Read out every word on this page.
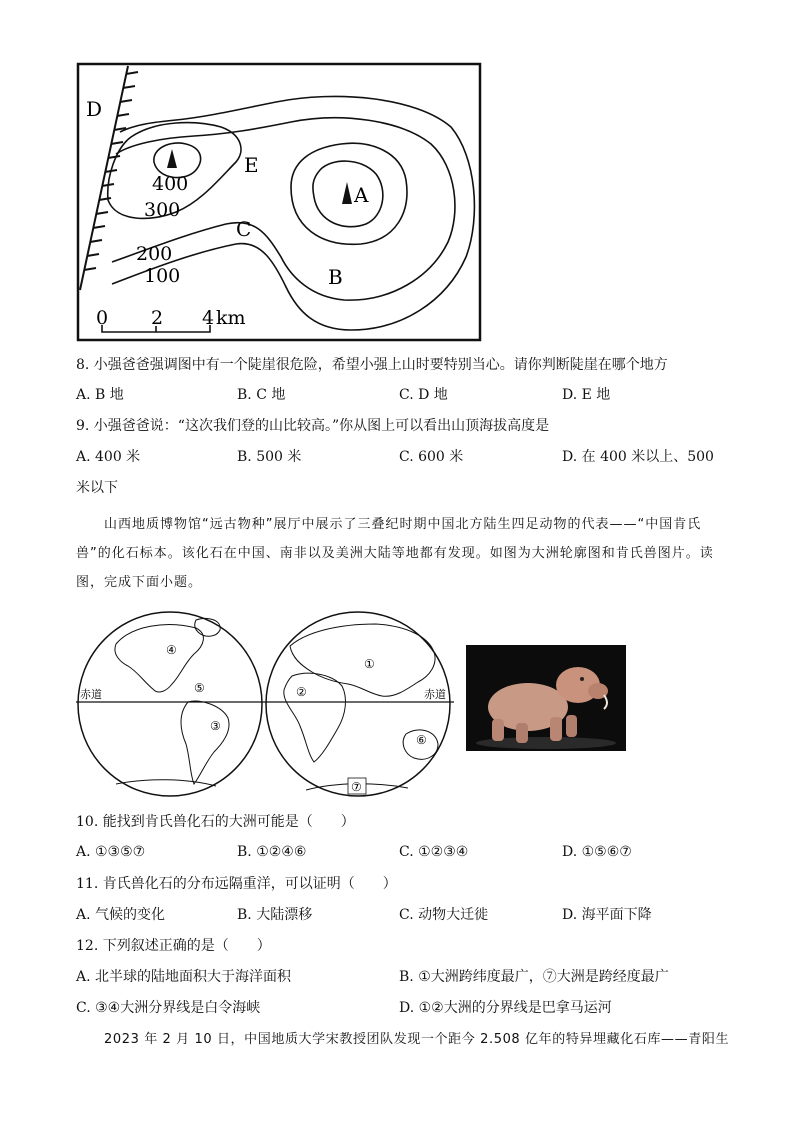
D
E
A
C
B
400
300
200
100
0 2 4 km
8. 小强爸爸强调图中有一个陡崖很危险，希望小强上山时要特别当心。请你判断陡崖在哪个地方
A. B 地	B. C 地	C. D 地	D. E 地
9. 小强爸爸说：“这次我们登的山比较高。”你从图上可以看出山顶海拔高度是
A. 400 米	B. 500 米	C. 600 米	D. 在 400 米以上、500
米以下

山西地质博物馆“远古物种”展厅中展示了三叠纪时期中国北方陆生四足动物的代表——“中国肯氏兽”的化石标本。该化石在中国、南非以及美洲大陆等地都有发现。如图为大洲轮廓图和肯氏兽图片。读图，完成下面小题。

赤道	赤道
④
③
⑤	②
①
⑥
⑦
10. 能找到肯氏兽化石的大洲可能是（　　）
A. ①③⑤⑦	B. ①②④⑥	C. ①②③④	D. ①⑤⑥⑦
11. 肯氏兽化石的分布远隔重洋，可以证明（　　）
A. 气候的变化	B. 大陆漂移	C. 动物大迁徙	D. 海平面下降
12. 下列叙述正确的是（　　）
A. 北半球的陆地面积大于海洋面积	B. ①大洲跨纬度最广，⑦大洲是跨经度最广
C. ③④大洲分界线是白令海峡	D. ①②大洲的分界线是巴拿马运河
2023 年 2 月 10 日，中国地质大学宋教授团队发现一个距今 2.508 亿年的特异埋藏化石库——青阳生
